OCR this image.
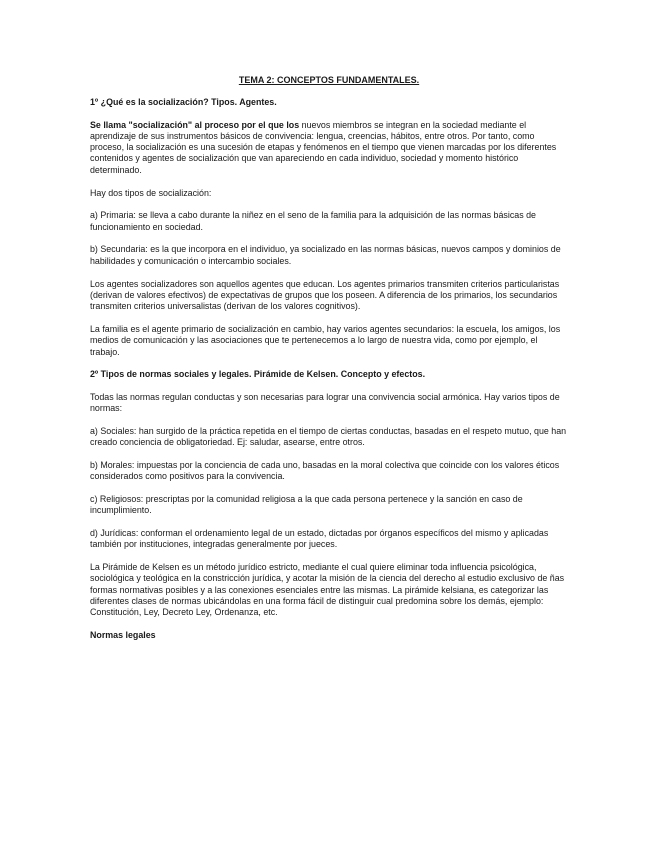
TEMA 2: CONCEPTOS FUNDAMENTALES.
1º ¿Qué es la socialización? Tipos. Agentes.

Se llama "socialización" al proceso por el que los nuevos miembros se integran en la sociedad mediante el aprendizaje de sus instrumentos básicos de convivencia: lengua, creencias, hábitos, entre otros. Por tanto, como proceso, la socialización es una sucesión de etapas y fenómenos en el tiempo que vienen marcadas por los diferentes contenidos y agentes de socialización que van apareciendo en cada individuo, sociedad y momento histórico determinado.

Hay dos tipos de socialización:

a) Primaria: se lleva a cabo durante la niñez en el seno de la familia para la adquisición de las normas básicas de funcionamiento en sociedad.

b) Secundaria: es la que incorpora en el individuo, ya socializado en las normas básicas, nuevos campos y dominios de habilidades y comunicación o intercambio sociales.

Los agentes socializadores son aquellos agentes que educan. Los agentes primarios transmiten criterios particularistas (derivan de valores efectivos) de expectativas de grupos que los poseen. A diferencia de los primarios, los secundarios transmiten criterios universalistas (derivan de los valores cognitivos).

La familia es el agente primario de socialización en cambio, hay varios agentes secundarios: la escuela, los amigos, los medios de comunicación y las asociaciones que te pertenecemos a lo largo de nuestra vida, como por ejemplo, el trabajo.

2º Tipos de normas sociales y legales. Pirámide de Kelsen. Concepto y efectos.

Todas las normas regulan conductas y son necesarias para lograr una convivencia social armónica. Hay varios tipos de normas:

a) Sociales: han surgido de la práctica repetida en el tiempo de ciertas conductas, basadas en el respeto mutuo, que han creado conciencia de obligatoriedad. Ej: saludar, asearse, entre otros.

b) Morales: impuestas por la conciencia de cada uno, basadas en la moral colectiva que coincide con los valores éticos considerados como positivos para la convivencia.

c) Religiosos: prescriptas por la comunidad religiosa a la que cada persona pertenece y la sanción en caso de incumplimiento.

d) Jurídicas: conforman el ordenamiento legal de un estado, dictadas por órganos específicos del mismo y aplicadas también por instituciones, integradas generalmente por jueces.

La Pirámide de Kelsen es un método jurídico estricto, mediante el cual quiere eliminar toda influencia psicológica, sociológica y teológica en la constricción jurídica, y acotar la misión de la ciencia del derecho al estudio exclusivo de ñas formas normativas posibles y a las conexiones esenciales entre las mismas. La pirámide kelsiana, es categorizar las diferentes clases de normas ubicándolas en una forma fácil de distinguir cual predomina sobre los demás, ejemplo: Constitución, Ley, Decreto Ley, Ordenanza, etc.

Normas legales
